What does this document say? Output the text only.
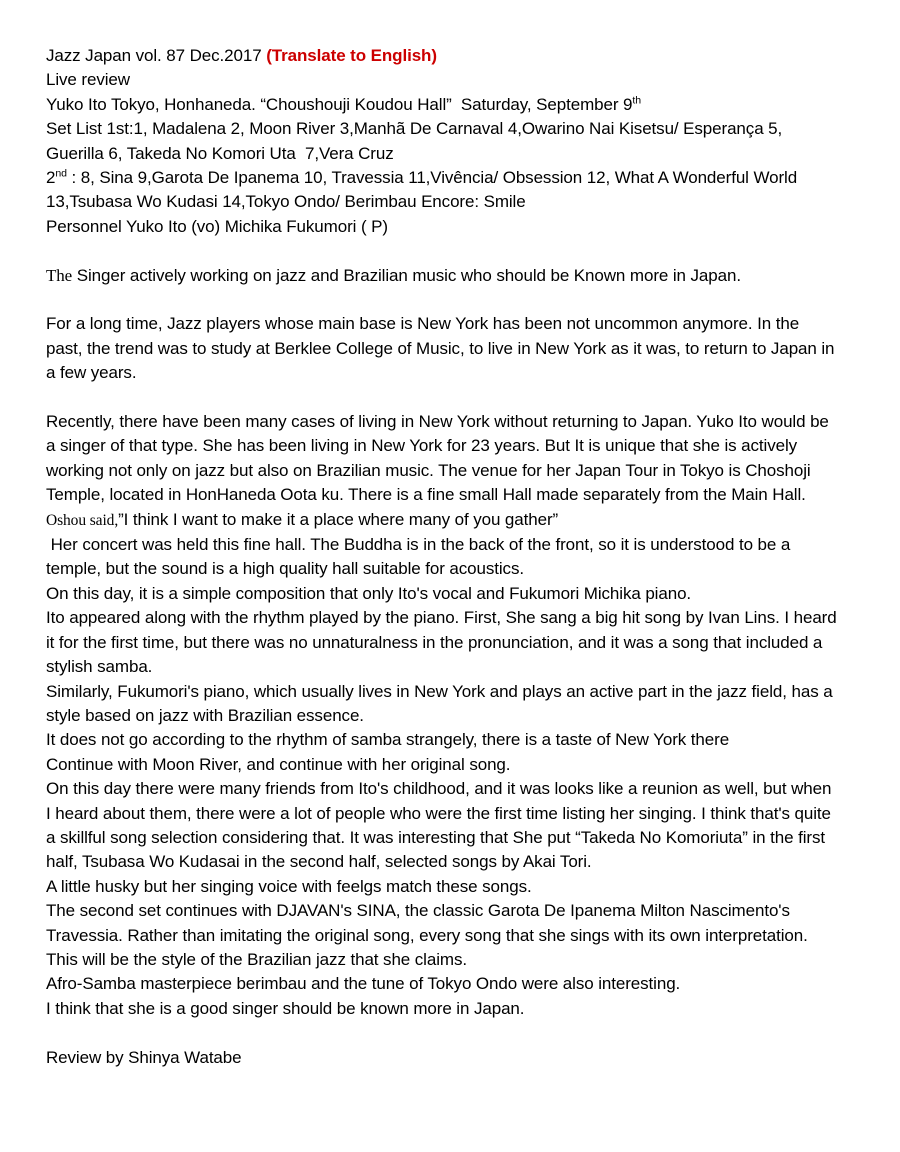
Jazz Japan vol. 87 Dec.2017 (Translate to English)

Live review

Yuko Ito Tokyo, Honhaneda. “Choushouji Koudou Hall”  Saturday, September 9th

Set List 1st:1, Madalena 2, Moon River 3,Manhã De Carnaval 4,Owarino Nai Kisetsu/ Esperança 5, Guerilla 6, Takeda No Komori Uta  7,Vera Cruz

2nd : 8, Sina 9,Garota De Ipanema 10, Travessia 11,Vivência/ Obsession 12, What A Wonderful World 13,Tsubasa Wo Kudasi 14,Tokyo Ondo/ Berimbau Encore: Smile

Personnel Yuko Ito (vo) Michika Fukumori ( P)

The Singer actively working on jazz and Brazilian music who should be Known more in Japan.

For a long time, Jazz players whose main base is New York has been not uncommon anymore. In the past, the trend was to study at Berklee College of Music, to live in New York as it was, to return to Japan in a few years.

Recently, there have been many cases of living in New York without returning to Japan. Yuko Ito would be a singer of that type. She has been living in New York for 23 years. But It is unique that she is actively working not only on jazz but also on Brazilian music. The venue for her Japan Tour in Tokyo is Choshoji Temple, located in HonHaneda Oota ku. There is a fine small Hall made separately from the Main Hall.  Oshou said,”I think I want to make it a place where many of you gather”

Her concert was held this fine hall. The Buddha is in the back of the front, so it is understood to be a temple, but the sound is a high quality hall suitable for acoustics.

On this day, it is a simple composition that only Ito's vocal and Fukumori Michika piano.

Ito appeared along with the rhythm played by the piano. First, She sang a big hit song by Ivan Lins. I heard it for the first time, but there was no unnaturalness in the pronunciation, and it was a song that included a stylish samba.

Similarly, Fukumori's piano, which usually lives in New York and plays an active part in the jazz field, has a style based on jazz with Brazilian essence.

It does not go according to the rhythm of samba strangely, there is a taste of New York there

Continue with Moon River, and continue with her original song.

On this day there were many friends from Ito's childhood, and it was looks like a reunion as well, but when I heard about them, there were a lot of people who were the first time listing her singing. I think that's quite a skillful song selection considering that. It was interesting that She put “Takeda No Komoriuta” in the first half, Tsubasa Wo Kudasai in the second half, selected songs by Akai Tori.

A little husky but her singing voice with feelgs match these songs.

The second set continues with DJAVAN's SINA, the classic Garota De Ipanema Milton Nascimento's Travessia. Rather than imitating the original song, every song that she sings with its own interpretation. This will be the style of the Brazilian jazz that she claims.

Afro-Samba masterpiece berimbau and the tune of Tokyo Ondo were also interesting.

I think that she is a good singer should be known more in Japan.

Review by Shinya Watabe
